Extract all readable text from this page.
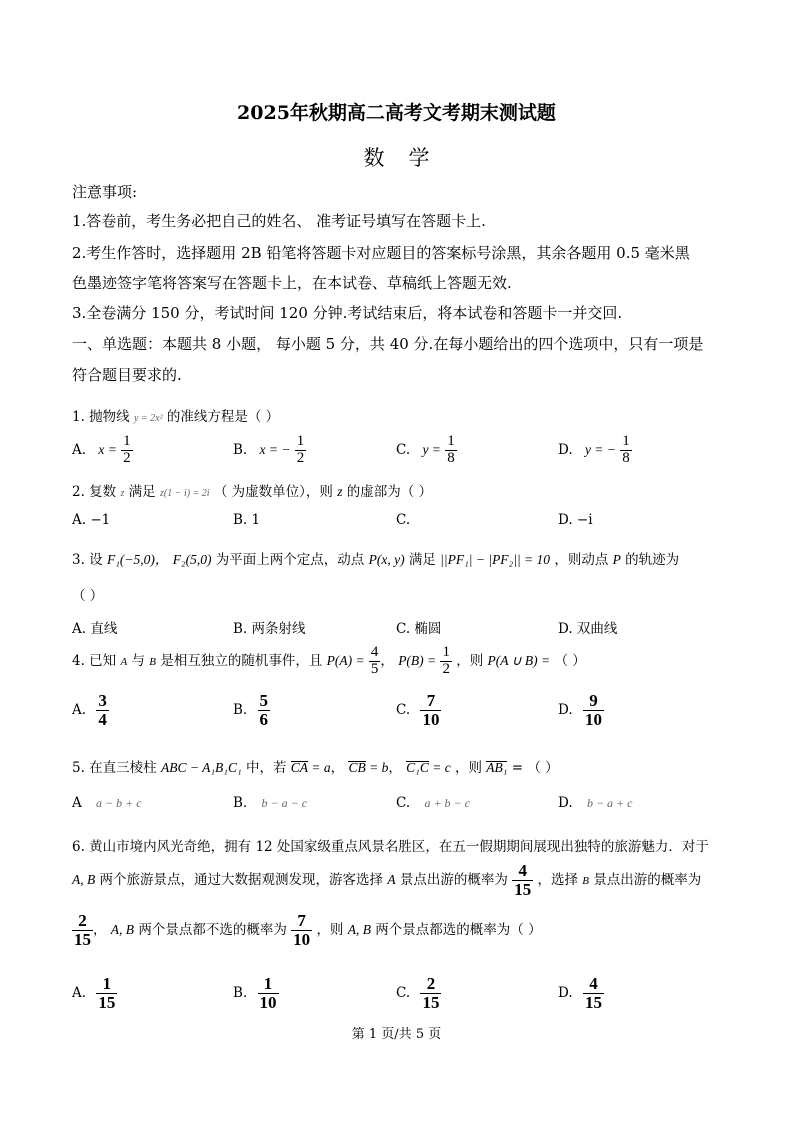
2025年秋期高二高考文考期末测试题
数学
注意事项:
1.答卷前，考生务必把自己的姓名、 准考证号填写在答题卡上.
2.考生作答时，选择题用 2B 铅笔将答题卡对应题目的答案标号涂黑，其余各题用 0.5 毫米黑
色墨迹签字笔将答案写在答题卡上，在本试卷、草稿纸上答题无效.
3.全卷满分 150 分，考试时间 120 分钟.考试结束后，将本试卷和答题卡一并交回.
一、单选题：本题共 8 小题， 每小题 5 分，共 40 分.在每小题给出的四个选项中，只有一项是
符合题目要求的.
1. 抛物线 y = 2x² 的准线方程是（ ）
A. $x = \frac{1}{2}$	B. x = − $\frac{1}{2}$	C. $y = \frac{1}{8}$	D. y = − $\frac{1}{8}$
2. 复数 z 满足 z(1 − i) = 2i （ 为虚数单位），则 z 的虚部为（ ）
A. −1	B. 1	C.	D. −i
3. 设 F₁(−5,0)， F₂(5,0) 为平面上两个定点，动点 P(x, y) 满足 ||PF₁| − |PF₂|| = 10 ，则动点 P 的轨迹为
（ ）
A. 直线	B. 两条射线	C. 椭圆	D. 双曲线
4. 已知 A 与 B 是相互独立的随机事件，且 $P(A) = \frac{4}{5}$ ， $P(B) = \frac{1}{2}$ ，则 P(A ∪ B) = （ ）
A. $\frac{3}{4}$	B. $\frac{5}{6}$	C. $\frac{7}{10}$	D. $\frac{9}{10}$
5. 在直三棱柱 ABC − A₁B₁C₁ 中，若 CA = a， CB = b， C₁C = c ，则 AB₁ = （ ）
A a − b + c	B. b − a − c	C. a + b − c	D. b − a + c
6. 黄山市境内风光奇绝，拥有 12 处国家级重点风景名胜区，在五一假期期间展现出独特的旅游魅力．对于
A, B 两个旅游景点，通过大数据观测发现，游客选择 A 景点出游的概率为 $\frac{4}{15}$ ，选择 B 景点出游的概率为
$\frac{2}{15}$ ， A, B 两个景点都不选的概率为 $\frac{7}{10}$ ，则 A, B 两个景点都选的概率为（ ）
A. $\frac{1}{15}$	B. $\frac{1}{10}$	C. $\frac{2}{15}$	D. $\frac{4}{15}$
第 1 页/共 5 页
